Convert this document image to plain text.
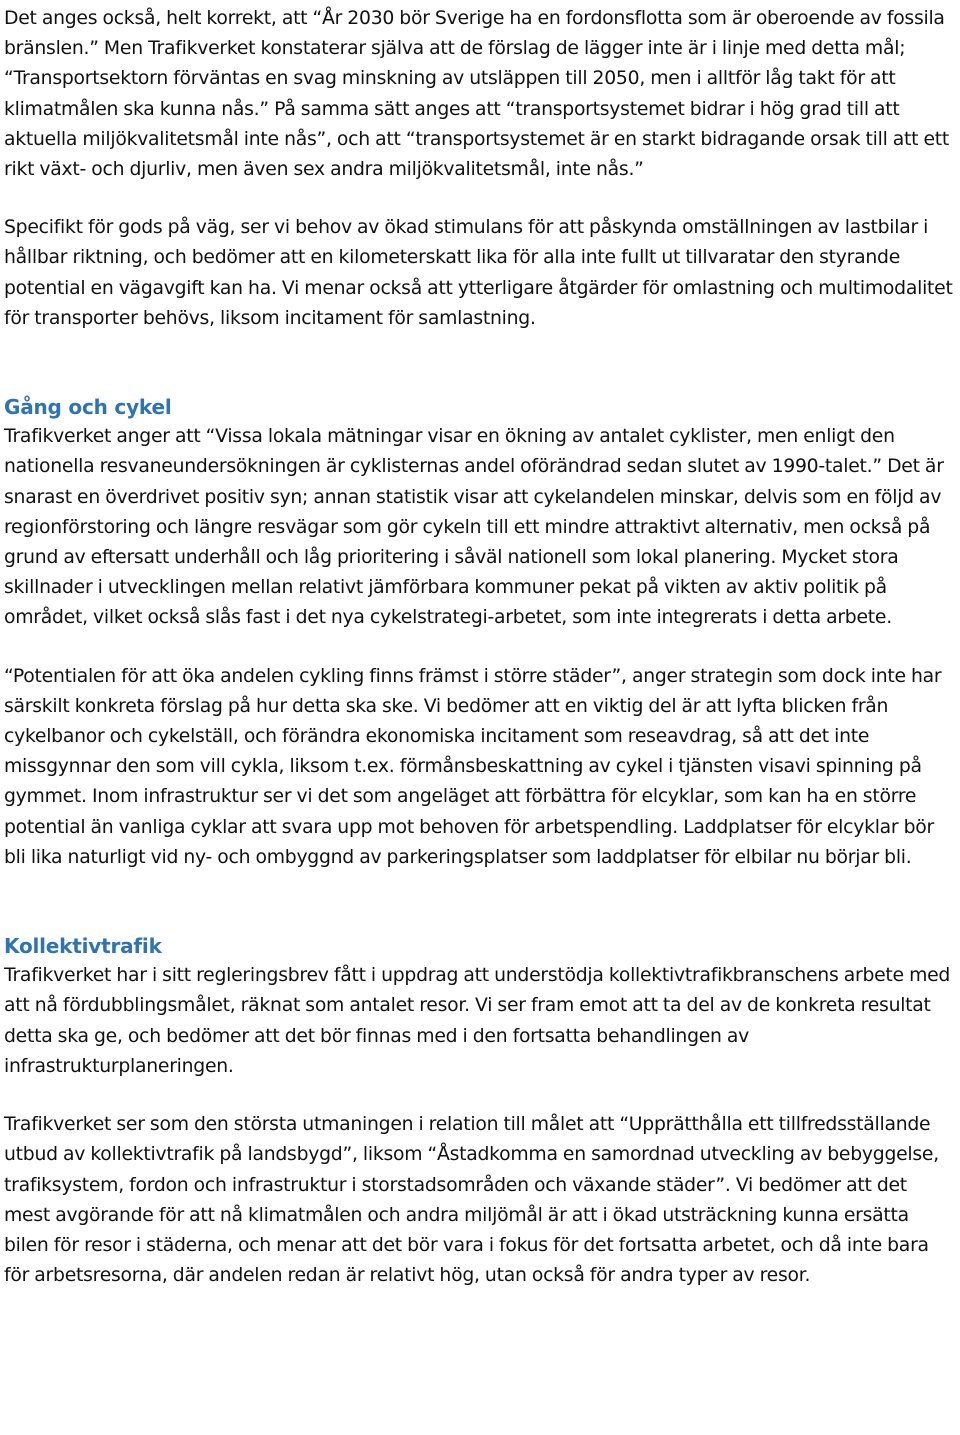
Det anges också, helt korrekt, att “År 2030 bör Sverige ha en fordonsflotta som är oberoende av fossila bränslen.” Men Trafikverket konstaterar själva att de förslag de lägger inte är i linje med detta mål; “Transportsektorn förväntas en svag minskning av utsläppen till 2050, men i alltför låg takt för att klimatmålen ska kunna nås.” På samma sätt anges att “transportsystemet bidrar i hög grad till att aktuella miljökvalitetsmål inte nås”, och att “transportsystemet är en starkt bidragande orsak till att ett rikt växt- och djurliv, men även sex andra miljökvalitetsmål, inte nås.”

Specifikt för gods på väg, ser vi behov av ökad stimulans för att påskynda omställningen av lastbilar i hållbar riktning, och bedömer att en kilometerskatt lika för alla inte fullt ut tillvaratar den styrande potential en vägavgift kan ha. Vi menar också att ytterligare åtgärder för omlastning och multimodalitet för transporter behövs, liksom incitament för samlastning.

Gång och cykel

Trafikverket anger att “Vissa lokala mätningar visar en ökning av antalet cyklister, men enligt den nationella resvaneundersökningen är cyklisternas andel oförändrad sedan slutet av 1990-talet.” Det är snarast en överdrivet positiv syn; annan statistik visar att cykelandelen minskar, delvis som en följd av regionförstoring och längre resvägar som gör cykeln till ett mindre attraktivt alternativ, men också på grund av eftersatt underhåll och låg prioritering i såväl nationell som lokal planering. Mycket stora skillnader i utvecklingen mellan relativt jämförbara kommuner pekat på vikten av aktiv politik på området, vilket också slås fast i det nya cykelstrategi-arbetet, som inte integrerats i detta arbete.

“Potentialen för att öka andelen cykling finns främst i större städer”, anger strategin som dock inte har särskilt konkreta förslag på hur detta ska ske. Vi bedömer att en viktig del är att lyfta blicken från cykelbanor och cykelställ, och förändra ekonomiska incitament som reseavdrag, så att det inte missgynnar den som vill cykla, liksom t.ex. förmånsbeskattning av cykel i tjänsten visavi spinning på gymmet. Inom infrastruktur ser vi det som angeläget att förbättra för elcyklar, som kan ha en större potential än vanliga cyklar att svara upp mot behoven för arbetspendling. Laddplatser för elcyklar bör bli lika naturligt vid ny- och ombyggnd av parkeringsplatser som laddplatser för elbilar nu börjar bli.

Kollektivtrafik

Trafikverket har i sitt regleringsbrev fått i uppdrag att understödja kollektivtrafikbranschens arbete med att nå fördubblingsmålet, räknat som antalet resor. Vi ser fram emot att ta del av de konkreta resultat detta ska ge, och bedömer att det bör finnas med i den fortsatta behandlingen av infrastrukturplaneringen.

Trafikverket ser som den största utmaningen i relation till målet att “Upprätthålla ett tillfredsställande utbud av kollektivtrafik på landsbygd”, liksom “Åstadkomma en samordnad utveckling av bebyggelse, trafiksystem, fordon och infrastruktur i storstadsområden och växande städer”. Vi bedömer att det mest avgörande för att nå klimatmålen och andra miljömål är att i ökad utsträckning kunna ersätta bilen för resor i städerna, och menar att det bör vara i fokus för det fortsatta arbetet, och då inte bara för arbetsresorna, där andelen redan är relativt hög, utan också för andra typer av resor.
